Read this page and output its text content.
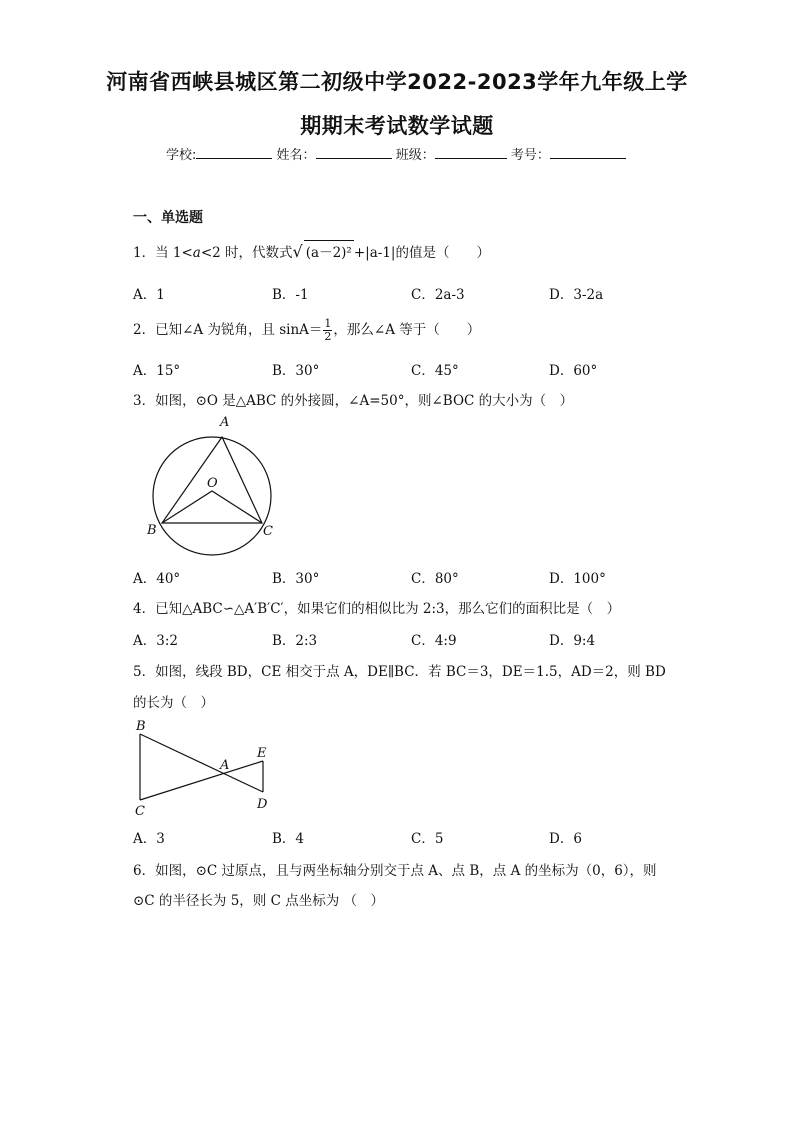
河南省西峡县城区第二初级中学2022-2023学年九年级上学
期期末考试数学试题
学校:	姓名：	班级：	考号：
一、单选题
1．当 1<a<2 时，代数式√ (a－2)² +|a-1|的值是（　　）
A．1	B．-1	C．2a-3	D．3-2a
2．已知∠A 为锐角，且 $\sin A= \frac{1}{2}$ ，那么∠A 等于（　　）
A．15°	B．30°	C．45°	D．60°
3．如图，⊙O 是△ABC 的外接圆，∠A=50°，则∠BOC 的大小为（　）
A
O
B	C
A．40°	B．30°	C．80°	D．100°
4．已知△ABC∽△A′B′C′，如果它们的相似比为 2:3，那么它们的面积比是（　）
A．3:2	B．2:3	C．4:9	D．9:4
5．如图，线段 BD，CE 相交于点 A，DE∥BC．若 BC＝3，DE＝1.5，AD＝2，则 BD
的长为（　）
B
E
A
C	D
A．3	B．4	C．5	D．6
6．如图，⊙C 过原点，且与两坐标轴分别交于点 A、点 B，点 A 的坐标为（0，6），则
⊙C 的半径长为 5，则 C 点坐标为 （　）
